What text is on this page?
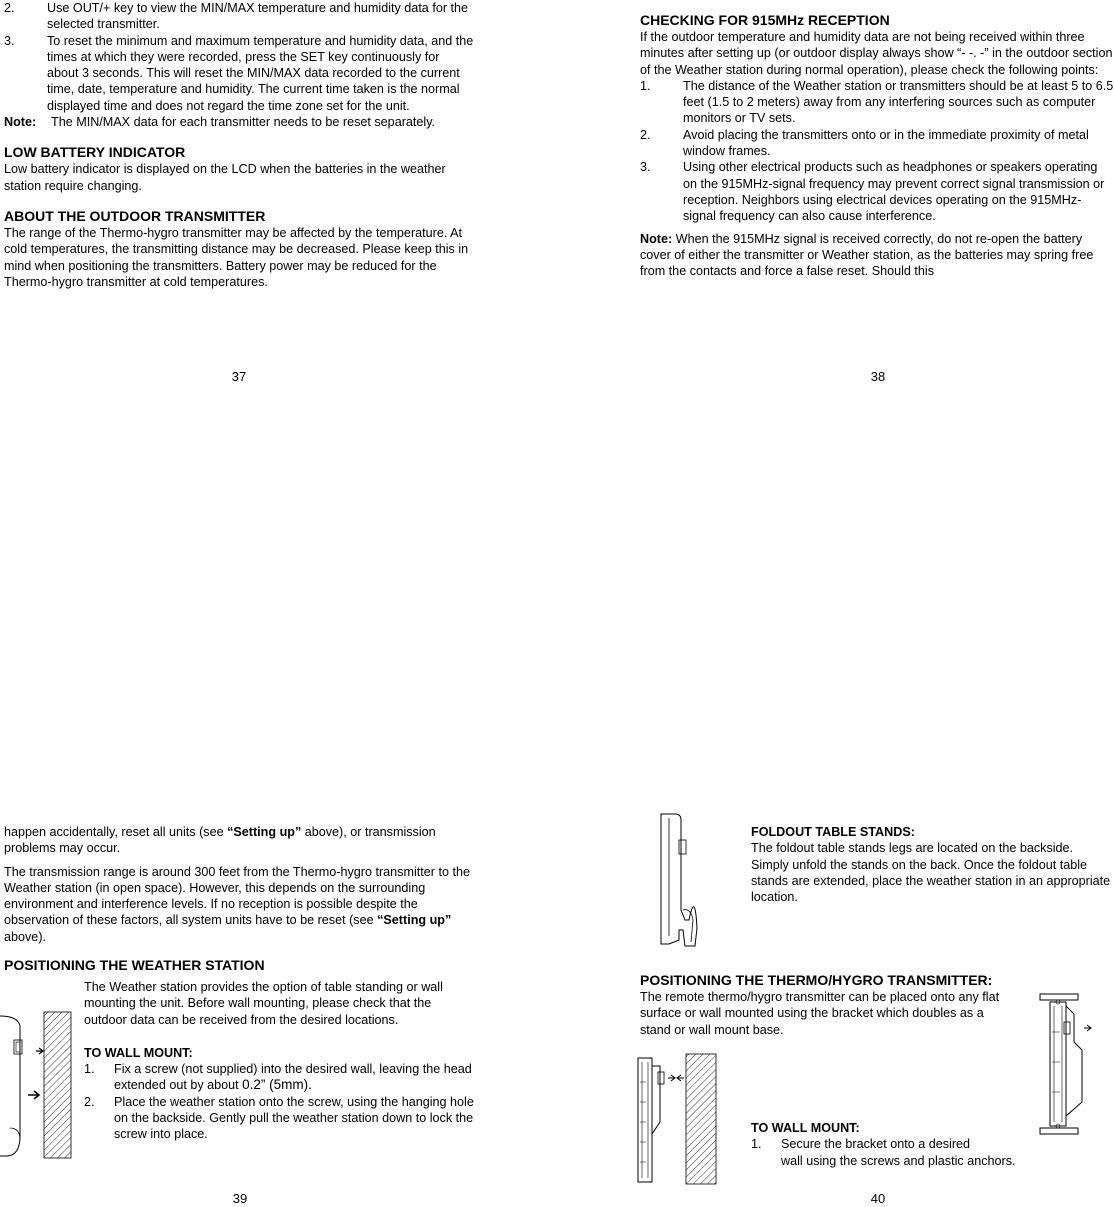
2.	Use OUT/+ key to view the MIN/MAX temperature and humidity data for the selected transmitter.

3.	To reset the minimum and maximum temperature and humidity data, and the times at which they were recorded, press the SET key continuously for about 3 seconds. This will reset the MIN/MAX data recorded to the current time, date, temperature and humidity. The current time taken is the normal displayed time and does not regard the time zone set for the unit.

Note:	The MIN/MAX data for each transmitter needs to be reset separately.

LOW BATTERY INDICATOR

Low battery indicator is displayed on the LCD when the batteries in the weather station require changing.

ABOUT THE OUTDOOR TRANSMITTER

The range of the Thermo-hygro transmitter may be affected by the temperature. At cold temperatures, the transmitting distance may be decreased. Please keep this in mind when positioning the transmitters. Battery power may be reduced for the Thermo-hygro transmitter at cold temperatures.

37

CHECKING FOR 915MHz RECEPTION

If the outdoor temperature and humidity data are not being received within three minutes after setting up (or outdoor display always show “- -. -” in the outdoor section of the Weather station during normal operation), please check the following points:

1.	The distance of the Weather station or transmitters should be at least 5 to 6.5 feet (1.5 to 2 meters) away from any interfering sources such as computer monitors or TV sets.

2.	Avoid placing the transmitters onto or in the immediate proximity of metal window frames.

3.	Using other electrical products such as headphones or speakers operating on the 915MHz-signal frequency may prevent correct signal transmission or reception. Neighbors using electrical devices operating on the 915MHz-signal frequency can also cause interference.

Note: When the 915MHz signal is received correctly, do not re-open the battery cover of either the transmitter or Weather station, as the batteries may spring free from the contacts and force a false reset. Should this

38

happen accidentally, reset all units (see “Setting up” above), or transmission problems may occur.

The transmission range is around 300 feet from the Thermo-hygro transmitter to the Weather station (in open space). However, this depends on the surrounding environment and interference levels. If no reception is possible despite the observation of these factors, all system units have to be reset (see “Setting up” above).

POSITIONING THE WEATHER STATION

The Weather station provides the option of table standing or wall mounting the unit. Before wall mounting, please check that the outdoor data can be received from the desired locations.

TO WALL MOUNT:

1. Fix a screw (not supplied) into the desired wall, leaving the head extended out by about 0.2” (5mm).

2. Place the weather station onto the screw, using the hanging hole on the backside. Gently pull the weather station down to lock the screw into place.

39

FOLDOUT TABLE STANDS:

The foldout table stands legs are located on the backside. Simply unfold the stands on the back. Once the foldout table stands are extended, place the weather station in an appropriate location.

POSITIONING THE THERMO/HYGRO TRANSMITTER:

The remote thermo/hygro transmitter can be placed onto any flat surface or wall mounted using the bracket which doubles as a stand or wall mount base.

TO WALL MOUNT:

1. Secure the bracket onto a desired
wall using the screws and plastic anchors.

40
